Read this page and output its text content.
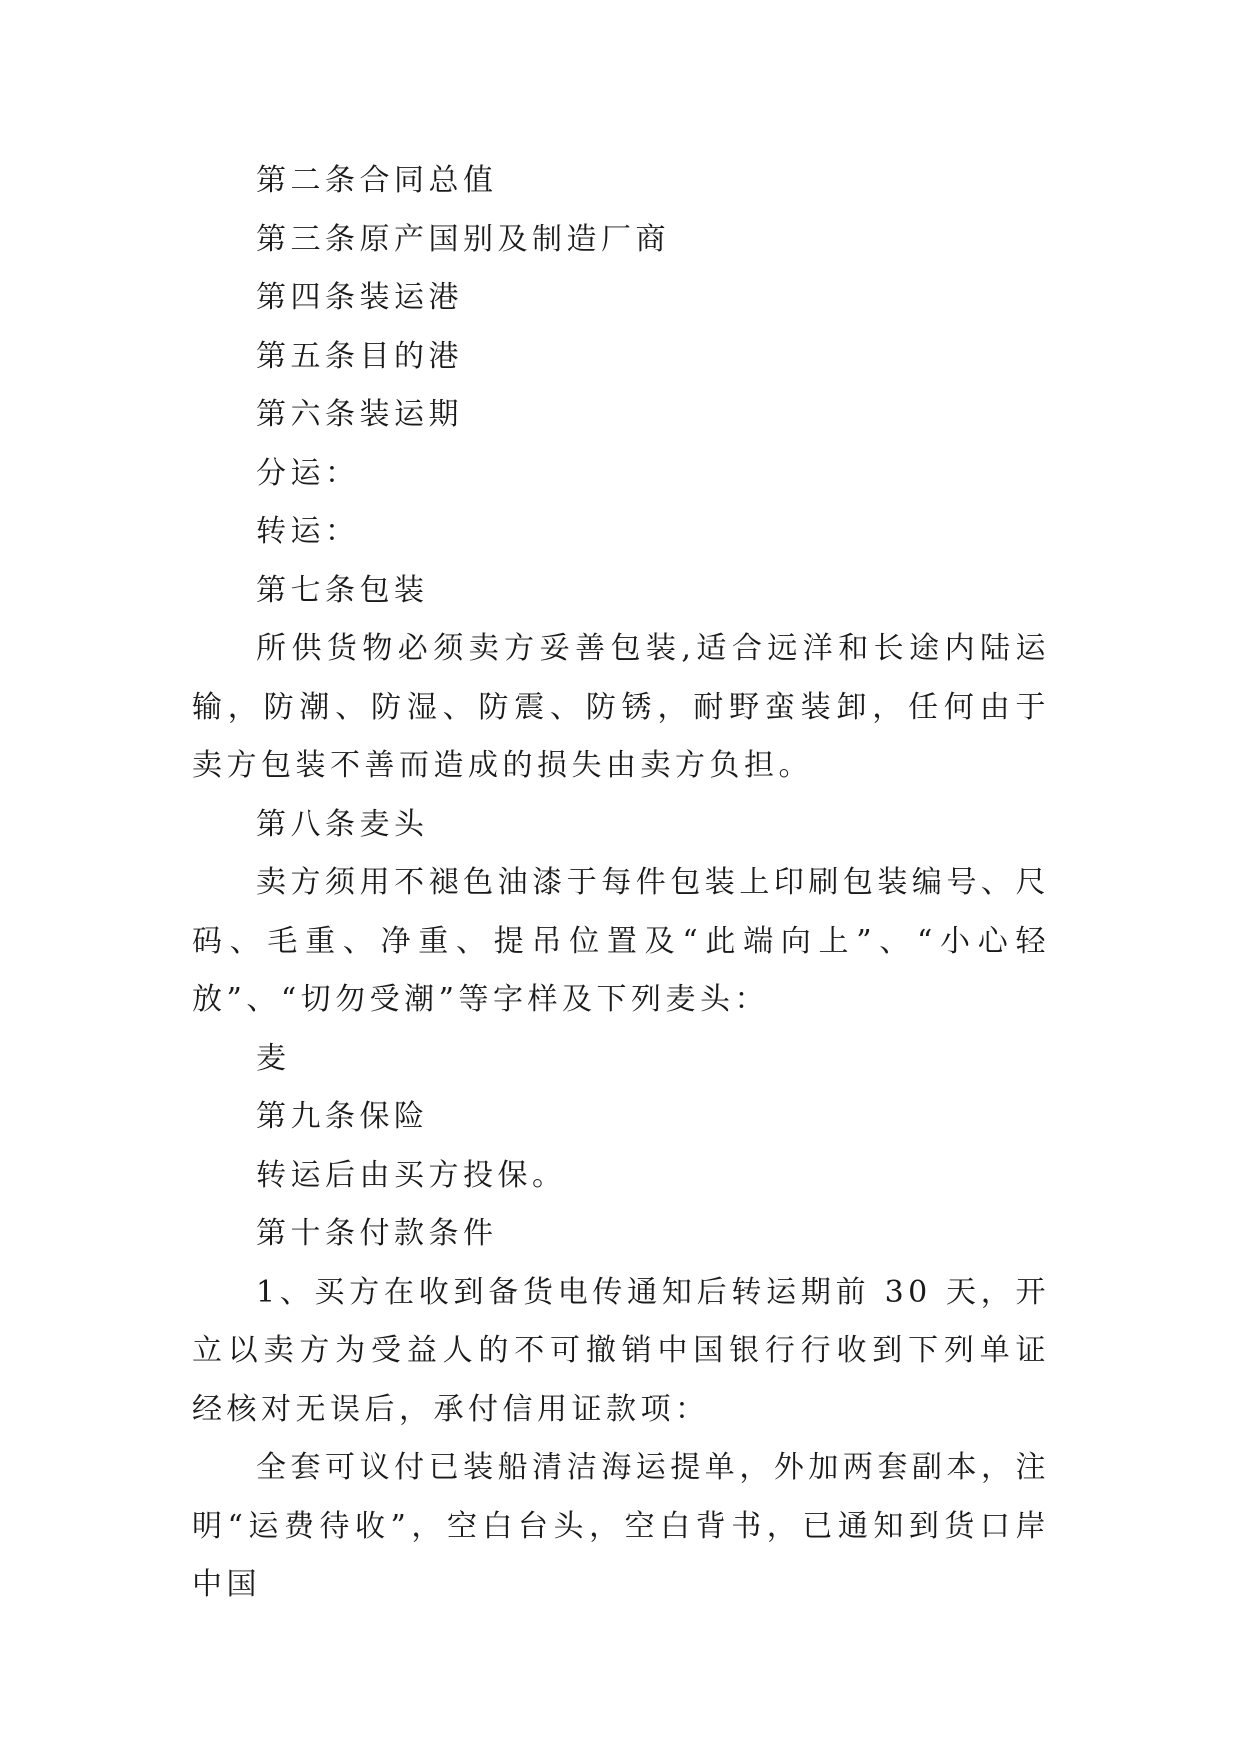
第二条合同总值
第三条原产国别及制造厂商
第四条装运港
第五条目的港
第六条装运期
分运：
转运：
第七条包装
所供货物必须卖方妥善包装,适合远洋和长途内陆运输，防潮、防湿、防震、防锈，耐野蛮装卸，任何由于卖方包装不善而造成的损失由卖方负担。
第八条麦头
卖方须用不褪色油漆于每件包装上印刷包装编号、尺码、毛重、净重、提吊位置及“此端向上”、“小心轻放”、“切勿受潮”等字样及下列麦头：
麦
第九条保险
转运后由买方投保。
第十条付款条件
1、买方在收到备货电传通知后转运期前 30 天，开立以卖方为受益人的不可撤销中国银行行收到下列单证经核对无误后，承付信用证款项：
全套可议付已装船清洁海运提单，外加两套副本，注明“运费待收”，空白台头，空白背书，已通知到货口岸中国
